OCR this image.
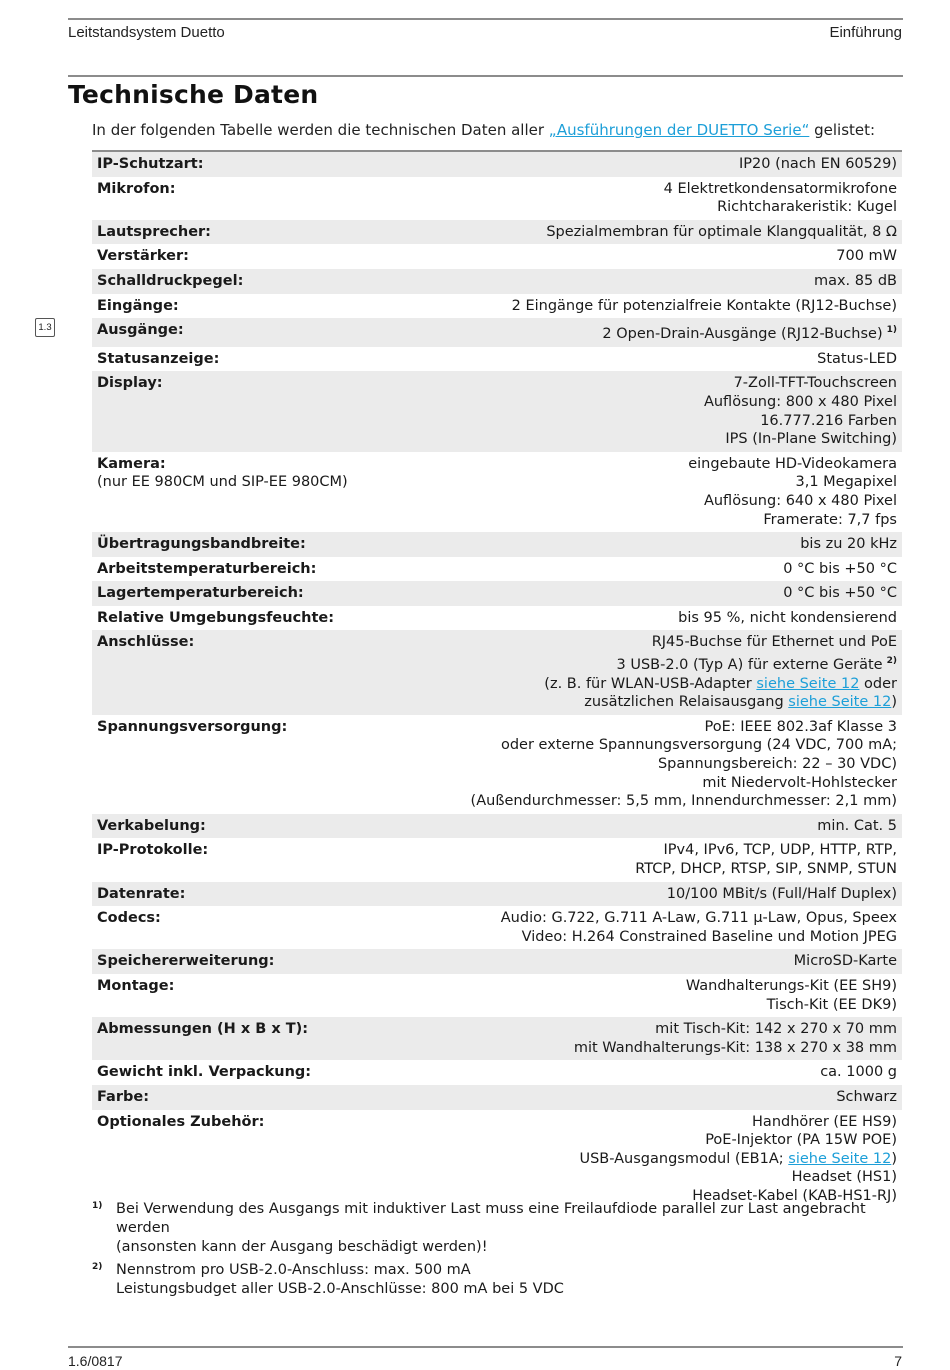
Leitstandsystem Duetto	Einführung
Technische Daten
In der folgenden Tabelle werden die technischen Daten aller „Ausführungen der DUETTO Serie“ gelistet:
1.3
IP-Schutzart:	IP20 (nach EN 60529)

Mikrofon:	4 Elektretkondensatormikrofone
Richtcharakeristik: Kugel

Lautsprecher:	Spezialmembran für optimale Klangqualität, 8 Ω

Verstärker:	700 mW

Schalldruckpegel:	max. 85 dB

Eingänge:	2 Eingänge für potenzialfreie Kontakte (RJ12-Buchse)

Ausgänge:	2 Open-Drain-Ausgänge (RJ12-Buchse) $^{1)}$

Statusanzeige:	Status-LED

Display:	7-Zoll-TFT-Touchscreen
Auflösung: 800 x 480 Pixel
16.777.216 Farben
IPS (In-Plane Switching)

Kamera:
(nur EE 980CM und SIP-EE 980CM)	eingebaute HD-Videokamera
3,1 Megapixel
Auflösung: 640 x 480 Pixel
Framerate: 7,7 fps

Übertragungsbandbreite:	bis zu 20 kHz

Arbeitstemperaturbereich:	0 °C bis +50 °C

Lagertemperaturbereich:	0 °C bis +50 °C

Relative Umgebungsfeuchte:	bis 95 %, nicht kondensierend

Anschlüsse:	RJ45-Buchse für Ethernet und PoE
3 USB-2.0 (Typ A) für externe Geräte $^{2)}$
(z. B. für WLAN-USB-Adapter siehe Seite 12 oder
zusätzlichen Relaisausgang siehe Seite 12)

Spannungsversorgung:	PoE: IEEE 802.3af Klasse 3
oder externe Spannungsversorgung (24 VDC, 700 mA;
Spannungsbereich: 22 – 30 VDC)
mit Niedervolt-Hohlstecker
(Außendurchmesser: 5,5 mm, Innendurchmesser: 2,1 mm)

Verkabelung:	min. Cat. 5

IP-Protokolle:	IPv4, IPv6, TCP, UDP, HTTP, RTP,
RTCP, DHCP, RTSP, SIP, SNMP, STUN

Datenrate:	10/100 MBit/s (Full/Half Duplex)

Codecs:	Audio: G.722, G.711 A-Law, G.711 µ-Law, Opus, Speex
Video: H.264 Constrained Baseline und Motion JPEG

Speichererweiterung:	MicroSD-Karte

Montage:	Wandhalterungs-Kit (EE SH9)
Tisch-Kit (EE DK9)

Abmessungen (H x B x T):	mit Tisch-Kit: 142 x 270 x 70 mm
mit Wandhalterungs-Kit: 138 x 270 x 38 mm

Gewicht inkl. Verpackung:	ca. 1000 g

Farbe:	Schwarz

Optionales Zubehör:	Handhörer (EE HS9)
PoE-Injektor (PA 15W POE)
USB-Ausgangsmodul (EB1A; siehe Seite 12)
Headset (HS1)
Headset-Kabel (KAB-HS1-RJ)
1) Bei Verwendung des Ausgangs mit induktiver Last muss eine Freilaufdiode parallel zur Last angebracht werden
(ansonsten kann der Ausgang beschädigt werden)!
2) Nennstrom pro USB-2.0-Anschluss: max. 500 mA
Leistungsbudget aller USB-2.0-Anschlüsse: 800 mA bei 5 VDC
1.6/0817	7
